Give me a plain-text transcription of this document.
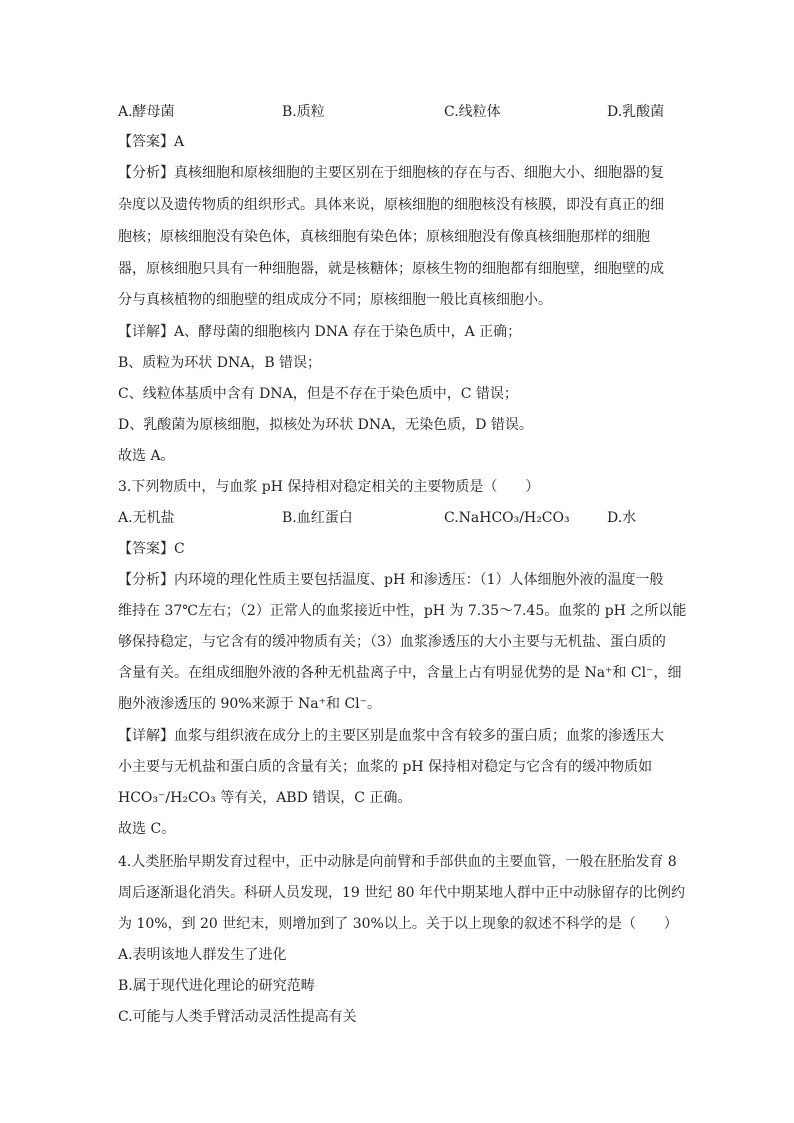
A.酵母菌	B.质粒	C.线粒体	D.乳酸菌
【答案】A
【分析】真核细胞和原核细胞的主要区别在于细胞核的存在与否、细胞大小、细胞器的复
杂度以及遗传物质的组织形式。具体来说，原核细胞的细胞核没有核膜，即没有真正的细
胞核；原核细胞没有染色体，真核细胞有染色体；原核细胞没有像真核细胞那样的细胞
器，原核细胞只具有一种细胞器，就是核糖体；原核生物的细胞都有细胞壁，细胞壁的成
分与真核植物的细胞壁的组成成分不同；原核细胞一般比真核细胞小。
【详解】A、酵母菌的细胞核内 DNA 存在于染色质中，A 正确；
B、质粒为环状 DNA，B 错误；
C、线粒体基质中含有 DNA，但是不存在于染色质中，C 错误；
D、乳酸菌为原核细胞，拟核处为环状 DNA，无染色质，D 错误。
故选 A。
3.下列物质中，与血浆 pH 保持相对稳定相关的主要物质是（　　）
A.无机盐	B.血红蛋白	C.NaHCO₃/H₂CO₃	D.水
【答案】C
【分析】内环境的理化性质主要包括温度、pH 和渗透压：（1）人体细胞外液的温度一般
维持在 37℃左右；（2）正常人的血浆接近中性，pH 为 7.35～7.45。血浆的 pH 之所以能
够保持稳定，与它含有的缓冲物质有关；（3）血浆渗透压的大小主要与无机盐、蛋白质的
含量有关。在组成细胞外液的各种无机盐离子中，含量上占有明显优势的是 Na⁺和 Cl⁻，细
胞外液渗透压的 90%来源于 Na⁺和 Cl⁻。
【详解】血浆与组织液在成分上的主要区别是血浆中含有较多的蛋白质；血浆的渗透压大
小主要与无机盐和蛋白质的含量有关；血浆的 pH 保持相对稳定与它含有的缓冲物质如
HCO₃⁻/H₂CO₃ 等有关，ABD 错误，C 正确。
故选 C。
4.人类胚胎早期发育过程中，正中动脉是向前臂和手部供血的主要血管，一般在胚胎发育 8
周后逐渐退化消失。科研人员发现，19 世纪 80 年代中期某地人群中正中动脉留存的比例约
为 10%，到 20 世纪末，则增加到了 30%以上。关于以上现象的叙述不科学的是（　　）
A.表明该地人群发生了进化
B.属于现代进化理论的研究范畴
C.可能与人类手臂活动灵活性提高有关
